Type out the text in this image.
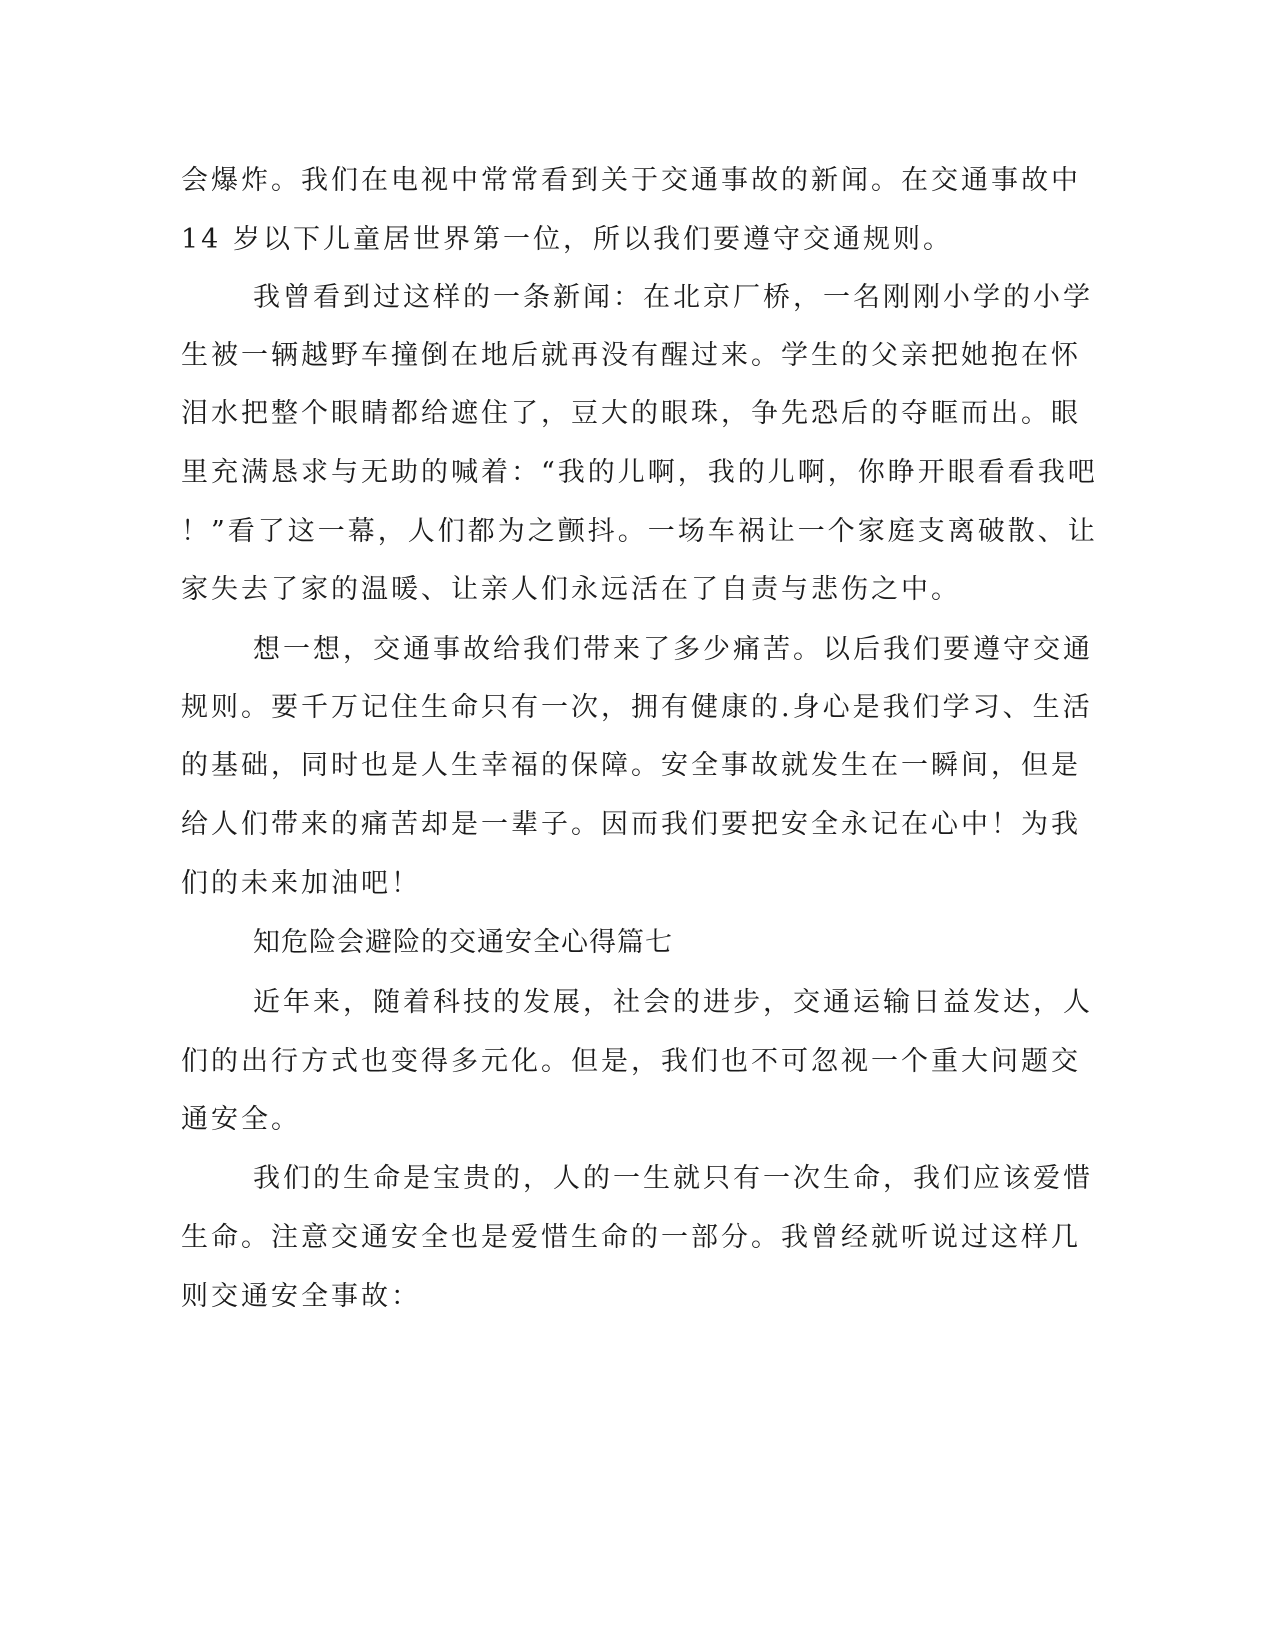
会爆炸。我们在电视中常常看到关于交通事故的新闻。在交通事故中
14 岁以下儿童居世界第一位，所以我们要遵守交通规则。
我曾看到过这样的一条新闻：在北京厂桥，一名刚刚小学的小学
生被一辆越野车撞倒在地后就再没有醒过来。学生的父亲把她抱在怀
泪水把整个眼睛都给遮住了，豆大的眼珠，争先恐后的夺眶而出。眼
里充满恳求与无助的喊着：“我的儿啊，我的儿啊，你睁开眼看看我吧
！”看了这一幕，人们都为之颤抖。一场车祸让一个家庭支离破散、让
家失去了家的温暖、让亲人们永远活在了自责与悲伤之中。
想一想，交通事故给我们带来了多少痛苦。以后我们要遵守交通
规则。要千万记住生命只有一次，拥有健康的.身心是我们学习、生活
的基础，同时也是人生幸福的保障。安全事故就发生在一瞬间，但是
给人们带来的痛苦却是一辈子。因而我们要把安全永记在心中！为我
们的未来加油吧！
知危险会避险的交通安全心得篇七
近年来，随着科技的发展，社会的进步，交通运输日益发达，人
们的出行方式也变得多元化。但是，我们也不可忽视一个重大问题交
通安全。
我们的生命是宝贵的，人的一生就只有一次生命，我们应该爱惜
生命。注意交通安全也是爱惜生命的一部分。我曾经就听说过这样几
则交通安全事故：
